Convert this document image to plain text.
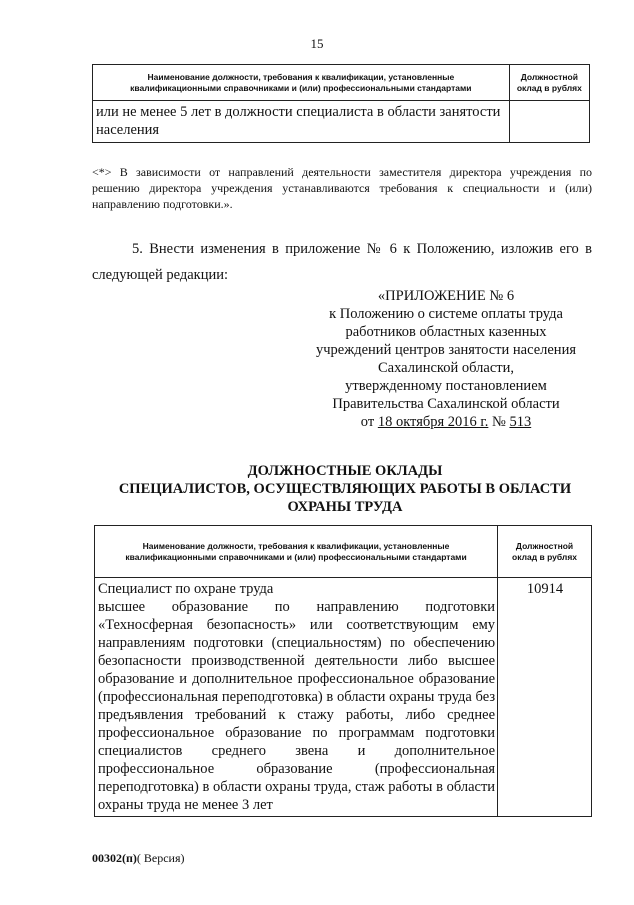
15
Наименование должности, требования к квалификации, установленные квалификационными справочниками и (или) профессиональными стандартами	Должностной оклад в рублях
или не менее 5 лет в должности специалиста в области занятости населения	
<*> В зависимости от направлений деятельности заместителя директора учреждения по решению директора учреждения устанавливаются требования к специальности и (или) направлению подготовки.».
5. Внести изменения в приложение № 6 к Положению, изложив его в следующей редакции:
«ПРИЛОЖЕНИЕ № 6
к Положению о системе оплаты труда
работников областных казенных
учреждений центров занятости населения
Сахалинской области,
утвержденному постановлением
Правительства Сахалинской области
от 18 октября 2016 г. № 513
ДОЛЖНОСТНЫЕ ОКЛАДЫ
СПЕЦИАЛИСТОВ, ОСУЩЕСТВЛЯЮЩИХ РАБОТЫ В ОБЛАСТИ
ОХРАНЫ ТРУДА
Наименование должности, требования к квалификации, установленные квалификационными справочниками и (или) профессиональными стандартами	Должностной оклад в рублях

Специалист по охране труда
высшее образование по направлению подготовки «Техносферная безопасность» или соответствующим ему направлениям подготовки (специальностям) по обеспечению безопасности производственной деятельности либо высшее образование и дополнительное профессиональное образование (профессиональная переподготовка) в области охраны труда без предъявления требований к стажу работы, либо среднее профессиональное образование по программам подготовки специалистов среднего звена и дополнительное профессиональное образование (профессиональная переподготовка) в области охраны труда, стаж работы в области охраны труда не менее 3 лет	10914
00302(п)( Версия)
